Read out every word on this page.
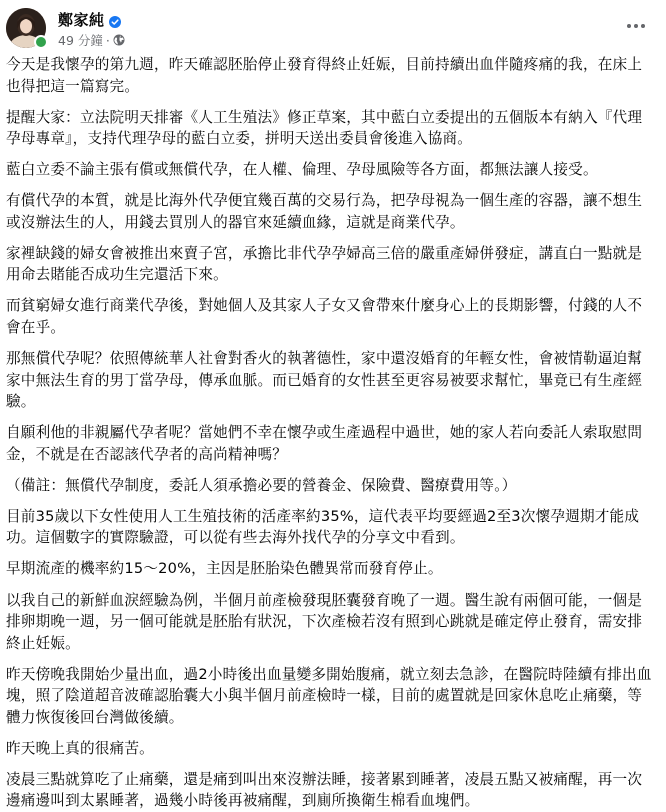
鄭家純
49 分鐘 ·

今天是我懷孕的第九週，昨天確認胚胎停止發育得終止妊娠，目前持續出血伴隨疼痛的我，在床上也得把這一篇寫完。

提醒大家：立法院明天排審《人工生殖法》修正草案，其中藍白立委提出的五個版本有納入『代理孕母專章』，支持代理孕母的藍白立委，拼明天送出委員會後進入協商。

藍白立委不論主張有償或無償代孕，在人權、倫理、孕母風險等各方面，都無法讓人接受。

有償代孕的本質，就是比海外代孕便宜幾百萬的交易行為，把孕母視為一個生產的容器，讓不想生或沒辦法生的人，用錢去買別人的器官來延續血緣，這就是商業代孕。

家裡缺錢的婦女會被推出來賣子宮，承擔比非代孕孕婦高三倍的嚴重產婦併發症，講直白一點就是用命去賭能否成功生完還活下來。

而貧窮婦女進行商業代孕後，對她個人及其家人子女又會帶來什麼身心上的長期影響，付錢的人不會在乎。

那無償代孕呢？依照傳統華人社會對香火的執著德性，家中還沒婚育的年輕女性，會被情勒逼迫幫家中無法生育的男丁當孕母，傳承血脈。而已婚育的女性甚至更容易被要求幫忙，畢竟已有生產經驗。

自願利他的非親屬代孕者呢？當她們不幸在懷孕或生產過程中過世，她的家人若向委託人索取慰問金，不就是在否認該代孕者的高尚精神嗎？

（備註：無償代孕制度，委託人須承擔必要的營養金、保險費、醫療費用等。）

目前35歲以下女性使用人工生殖技術的活產率約35%，這代表平均要經過2至3次懷孕週期才能成功。這個數字的實際驗證，可以從有些去海外找代孕的分享文中看到。

早期流產的機率約15～20%，主因是胚胎染色體異常而發育停止。

以我自己的新鮮血淚經驗為例，半個月前產檢發現胚囊發育晚了一週。醫生說有兩個可能，一個是排卵期晚一週，另一個可能就是胚胎有狀況，下次產檢若沒有照到心跳就是確定停止發育，需安排終止妊娠。

昨天傍晚我開始少量出血，過2小時後出血量變多開始腹痛，就立刻去急診，在醫院時陸續有排出血塊，照了陰道超音波確認胎囊大小與半個月前產檢時一樣，目前的處置就是回家休息吃止痛藥，等體力恢復後回台灣做後續。

昨天晚上真的很痛苦。

凌晨三點就算吃了止痛藥，還是痛到叫出來沒辦法睡，接著累到睡著，凌晨五點又被痛醒，再一次邊痛邊叫到太累睡著，過幾小時後再被痛醒，到廁所換衛生棉看血塊們。
